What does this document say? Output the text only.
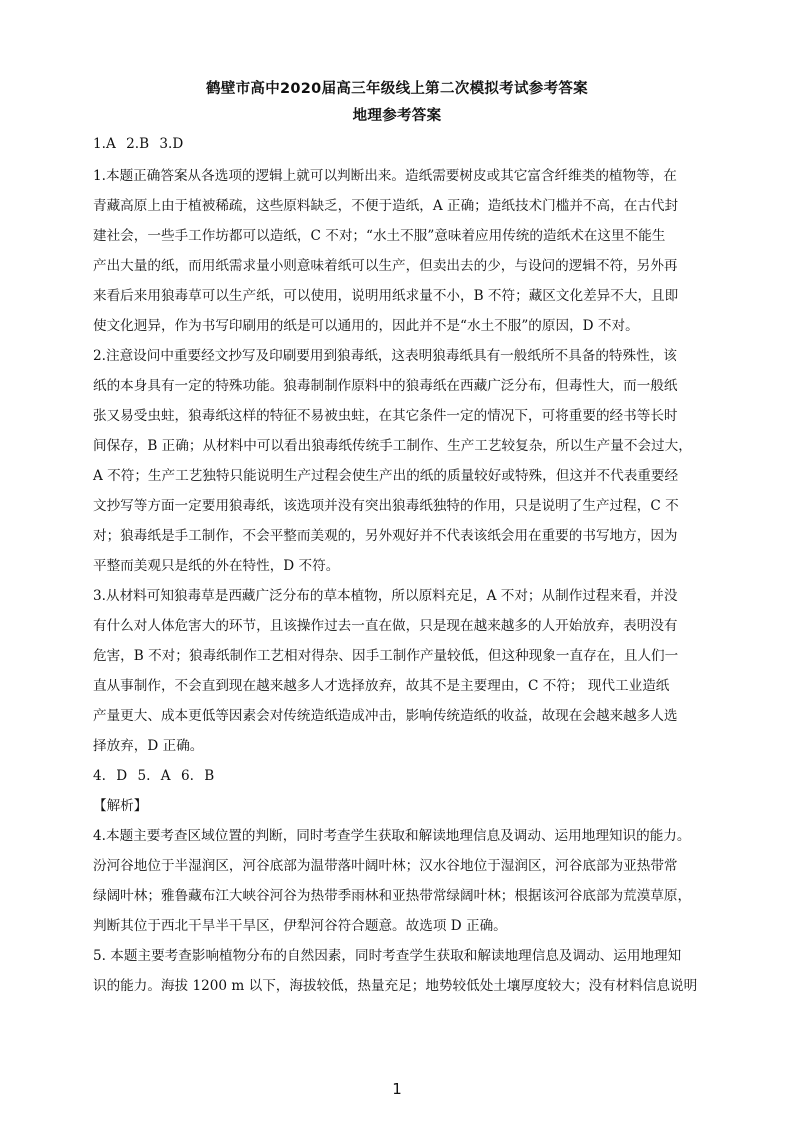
鹤壁市高中2020届高三年级线上第二次模拟考试参考答案
地理参考答案
1.A 2.B 3.D
1.本题正确答案从各选项的逻辑上就可以判断出来。造纸需要树皮或其它富含纤维类的植物等，在
青藏高原上由于植被稀疏，这些原料缺乏，不便于造纸，A 正确；造纸技术门槛并不高，在古代封
建社会，一些手工作坊都可以造纸，C 不对；“水土不服”意味着应用传统的造纸术在这里不能生
产出大量的纸，而用纸需求量小则意味着纸可以生产，但卖出去的少，与设问的逻辑不符，另外再
来看后来用狼毒草可以生产纸，可以使用，说明用纸求量不小，B 不符；藏区文化差异不大，且即
使文化迥异，作为书写印刷用的纸是可以通用的，因此并不是“水土不服”的原因，D 不对。
2.注意设问中重要经文抄写及印刷要用到狼毒纸，这表明狼毒纸具有一般纸所不具备的特殊性，该
纸的本身具有一定的特殊功能。狼毒制制作原料中的狼毒纸在西藏广泛分布，但毒性大，而一般纸
张又易受虫蛀，狼毒纸这样的特征不易被虫蛀，在其它条件一定的情况下，可将重要的经书等长时
间保存，B 正确；从材料中可以看出狼毒纸传统手工制作、生产工艺较复杂，所以生产量不会过大，
A 不符；生产工艺独特只能说明生产过程会使生产出的纸的质量较好或特殊，但这并不代表重要经
文抄写等方面一定要用狼毒纸，该选项并没有突出狼毒纸独特的作用，只是说明了生产过程，C 不
对；狼毒纸是手工制作，不会平整而美观的，另外观好并不代表该纸会用在重要的书写地方，因为
平整而美观只是纸的外在特性，D 不符。
3.从材料可知狼毒草是西藏广泛分布的草本植物，所以原料充足，A 不对；从制作过程来看，并没
有什么对人体危害大的环节，且该操作过去一直在做，只是现在越来越多的人开始放弃，表明没有
危害，B 不对；狼毒纸制作工艺相对得杂、因手工制作产量较低，但这种现象一直存在，且人们一
直从事制作，不会直到现在越来越多人才选择放弃，故其不是主要理由，C 不符； 现代工业造纸
产量更大、成本更低等因素会对传统造纸造成冲击，影响传统造纸的收益，故现在会越来越多人选
择放弃，D 正确。
4. D 5. A 6. B
【解析】
4.本题主要考查区域位置的判断，同时考查学生获取和解读地理信息及调动、运用地理知识的能力。
汾河谷地位于半湿润区，河谷底部为温带落叶阔叶林；汉水谷地位于湿润区，河谷底部为亚热带常
绿阔叶林；雅鲁藏布江大峡谷河谷为热带季雨林和亚热带常绿阔叶林；根据该河谷底部为荒漠草原，
判断其位于西北干旱半干旱区，伊犁河谷符合题意。故选项 D 正确。
5. 本题主要考查影响植物分布的自然因素，同时考查学生获取和解读地理信息及调动、运用地理知
识的能力。海拔 1200 m 以下，海拔较低，热量充足；地势较低处土壤厚度较大；没有材料信息说明
1
